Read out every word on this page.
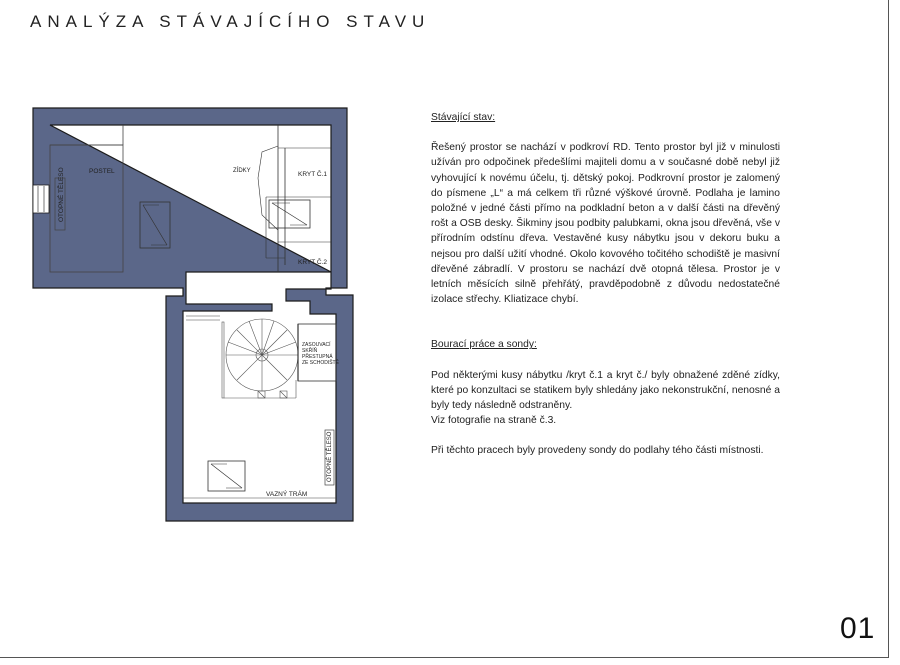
ANALÝZA STÁVAJÍCÍHO STAVU
POSTEL
OTOPNÉ TĚLESO	ZÍDKY	KRYT Č.1
KRYT Č.2
ZASOUVACÍ
SKŘÍŇ
PŘESTUPNÁ
ZE SCHODIŠTĚ
OTOPNÉ TĚLESO
VAZNÝ TRÁM

Stávající stav:

Řešený prostor se nachází v podkroví RD. Tento prostor byl již v minulosti užíván pro odpočinek předešlími majiteli domu a v současné době nebyl již vyhovující k novému účelu, tj. dětský pokoj. Podkrovní prostor je zalomený do písmene „L“ a má celkem tři různé výškové úrovně. Podlaha je lamino položné v jedné části přímo na podkladní beton a v další části na dřevěný rošt a OSB desky. Šikminy jsou podbity palubkami, okna jsou dřevěná, vše v přírodním odstínu dřeva. Vestavěné kusy nábytku jsou v dekoru buku a nejsou pro další užití vhodné. Okolo kovového točitého schodiště je masivní dřevěné zábradlí. V prostoru se nachází dvě otopná tělesa. Prostor je v letních měsících silně přehřátý, pravděpodobně z důvodu nedostatečné izolace střechy. Kliatizace chybí.

Bourací práce a sondy:

Pod některými kusy nábytku /kryt č.1 a kryt č./ byly obnažené zděné zídky, které po konzultaci se statikem byly shledány jako nekonstrukční, nenosné a byly tedy následně odstraněny.

Viz fotografie na straně č.3.

Při těchto pracech byly provedeny sondy do podlahy tého části místnosti.

01
